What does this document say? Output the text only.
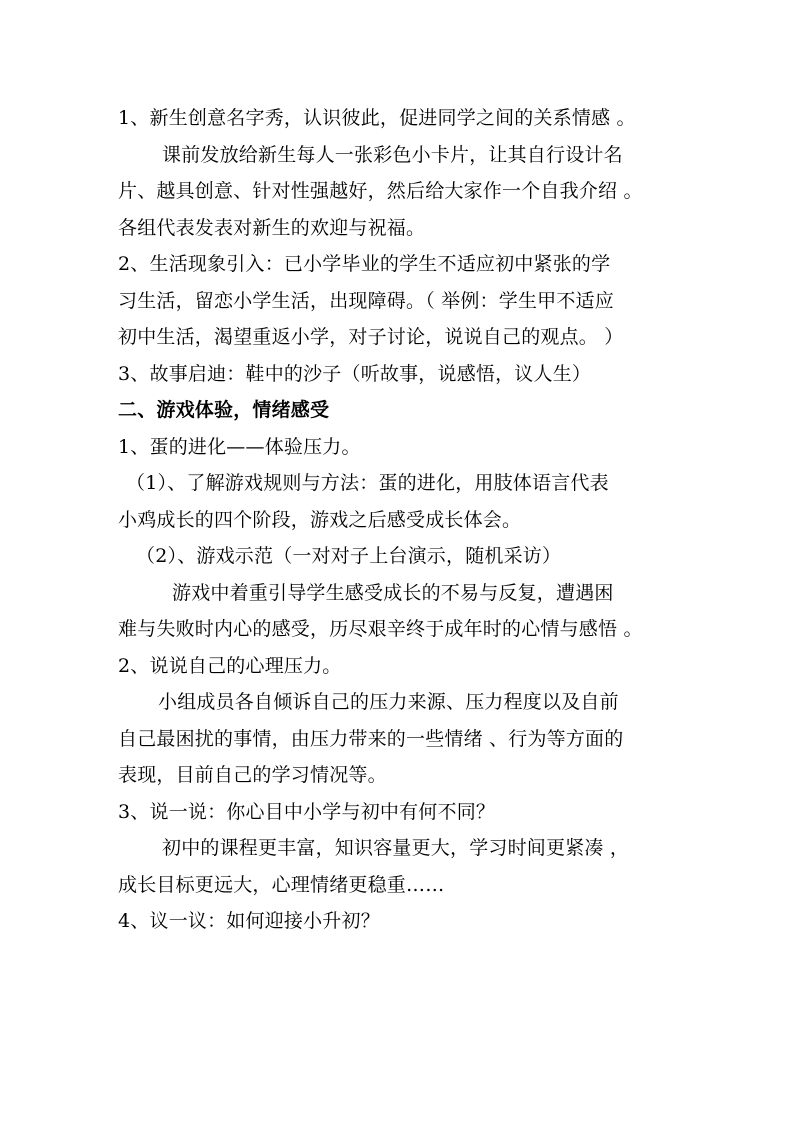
1、新生创意名字秀，认识彼此，促进同学之间的关系情感 。
课前发放给新生每人一张彩色小卡片，让其自行设计名
片、越具创意、针对性强越好，然后给大家作一个自我介绍 。
各组代表发表对新生的欢迎与祝福。
2、生活现象引入：已小学毕业的学生不适应初中紧张的学
习生活，留恋小学生活，出现障碍。（ 举例：学生甲不适应
初中生活，渴望重返小学，对子讨论，说说自己的观点。 ）
3、故事启迪：鞋中的沙子（听故事，说感悟，议人生）
二、游戏体验，情绪感受
1、蛋的进化——体验压力。
（1）、了解游戏规则与方法：蛋的进化，用肢体语言代表
小鸡成长的四个阶段，游戏之后感受成长体会。
（2）、游戏示范（一对对子上台演示，随机采访）
游戏中着重引导学生感受成长的不易与反复，遭遇困
难与失败时内心的感受，历尽艰辛终于成年时的心情与感悟 。
2、说说自己的心理压力。
小组成员各自倾诉自己的压力来源、压力程度以及自前
自己最困扰的事情，由压力带来的一些情绪 、行为等方面的
表现，目前自己的学习情况等。
3、说一说：你心目中小学与初中有何不同？
初中的课程更丰富，知识容量更大，学习时间更紧凑 ，
成长目标更远大，心理情绪更稳重……
4、议一议：如何迎接小升初？
